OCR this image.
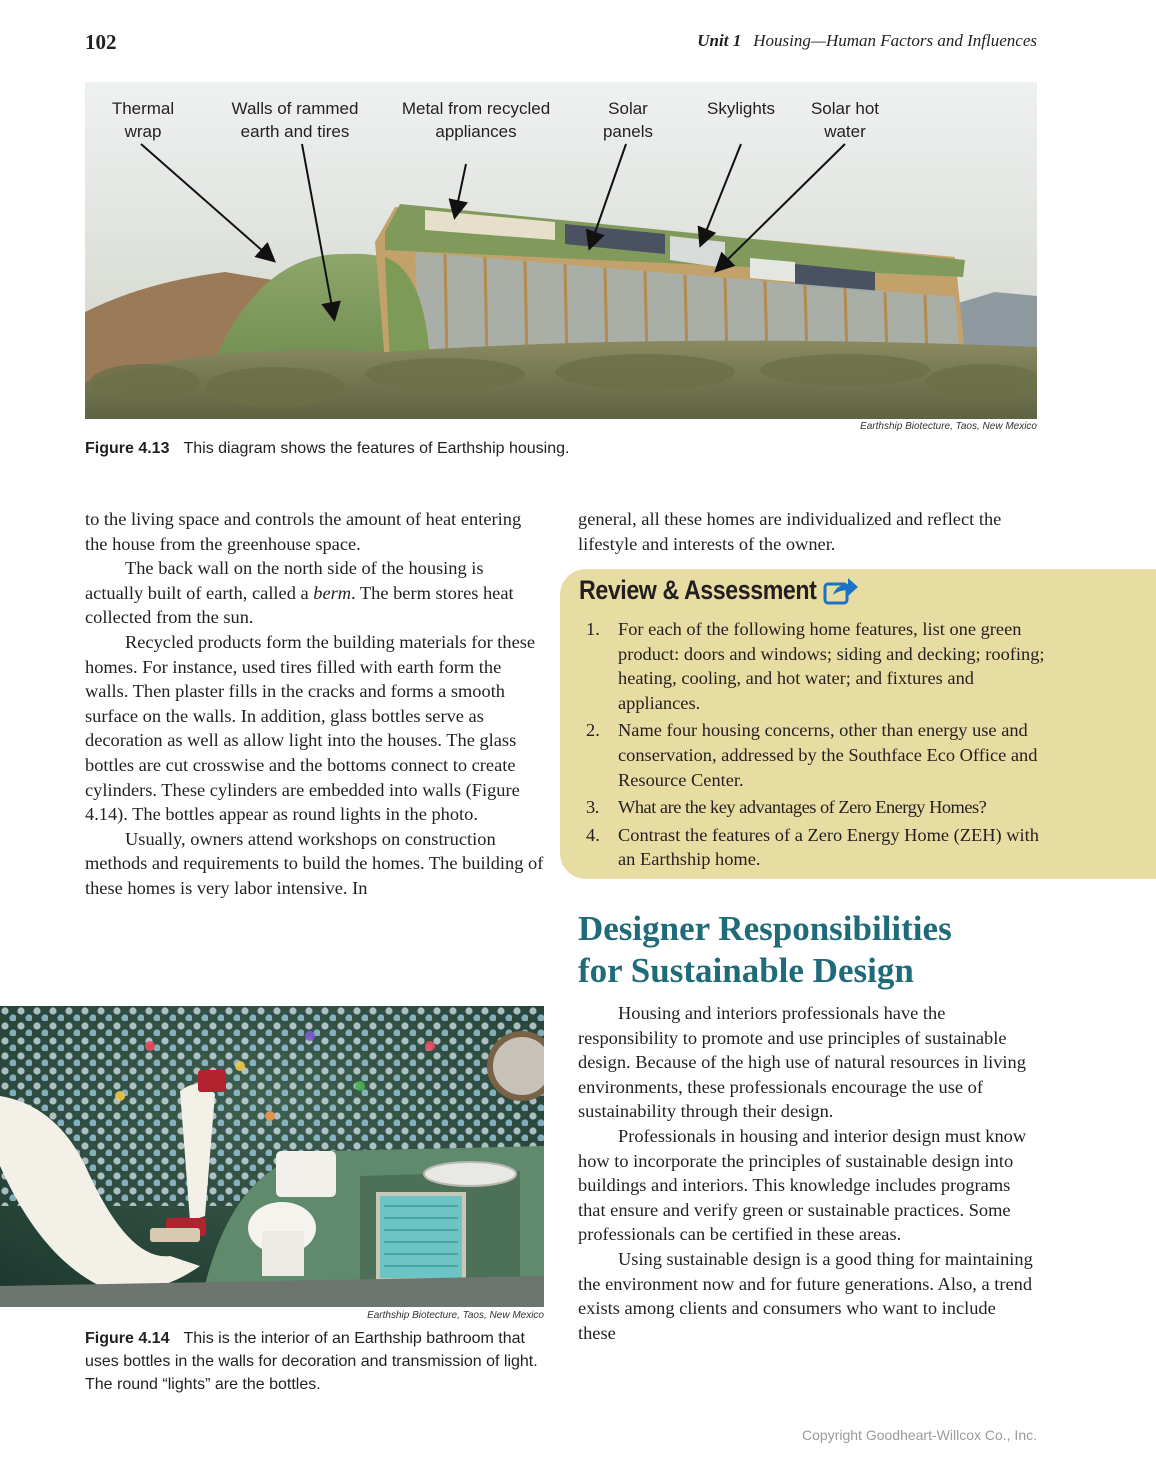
102	Unit 1 Housing—Human Factors and Influences
Thermal wrap
Walls of rammed earth and tires
Metal from recycled appliances
Solar panels
Skylights	Solar hot water
Earthship Biotecture, Taos, New Mexico
Figure 4.13 This diagram shows the features of Earthship housing.

to the living space and controls the amount of heat entering the house from the greenhouse space.

The back wall on the north side of the housing is actually built of earth, called a berm. The berm stores heat collected from the sun.

Recycled products form the building materials for these homes. For instance, used tires filled with earth form the walls. Then plaster fills in the cracks and forms a smooth surface on the walls. In addition, glass bottles serve as decoration as well as allow light into the houses. The glass bottles are cut crosswise and the bottoms connect to create cylinders. These cylinders are embedded into walls (Figure 4.14). The bottles appear as round lights in the photo.

Usually, owners attend workshops on construction methods and requirements to build the homes. The building of these homes is very labor intensive. In

general, all these homes are individualized and reflect the lifestyle and interests of the owner.

Review & Assessment
1. For each of the following home features, list one green product: doors and windows; siding and decking; roofing; heating, cooling, and hot water; and fixtures and appliances.
2. Name four housing concerns, other than energy use and conservation, addressed by the Southface Eco Office and Resource Center.
3. What are the key advantages of Zero Energy Homes?
4. Contrast the features of a Zero Energy Home (ZEH) with an Earthship home.
Designer Responsibilities
for Sustainable Design

Housing and interiors professionals have the responsibility to promote and use principles of sustainable design. Because of the high use of natural resources in living environments, these professionals encourage the use of sustainability through their design.

Professionals in housing and interior design must know how to incorporate the principles of sustainable design into buildings and interiors. This knowledge includes programs that ensure and verify green or sustainable practices. Some professionals can be certified in these areas.

Using sustainable design is a good thing for maintaining the environment now and for future generations. Also, a trend exists among clients and consumers who want to include these

Earthship Biotecture, Taos, New Mexico
Figure 4.14 This is the interior of an Earthship bathroom that uses bottles in the walls for decoration and transmission of light. The round “lights” are the bottles.
Copyright Goodheart-Willcox Co., Inc.
